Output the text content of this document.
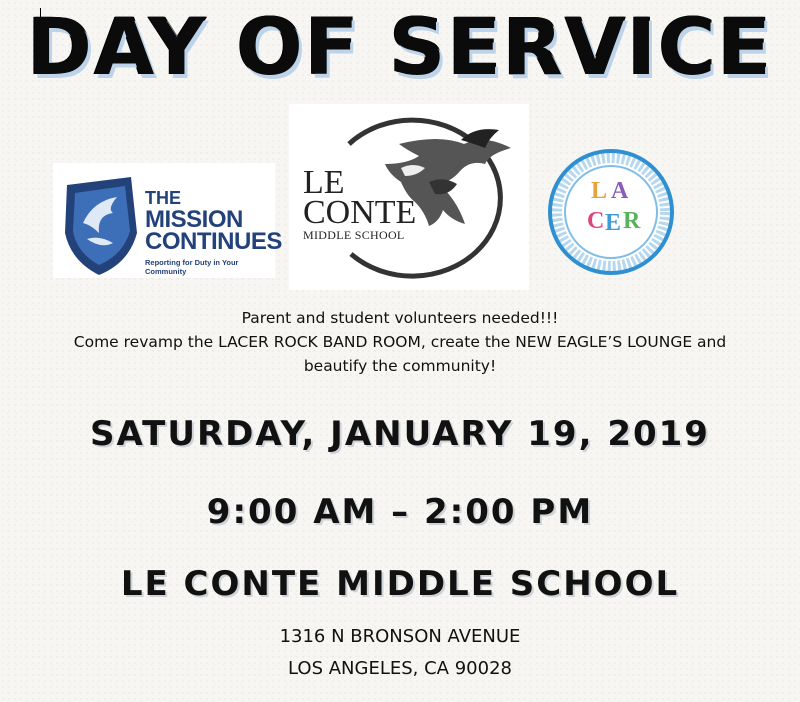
DAY OF SERVICE
THE
MISSION
CONTINUES
Reporting for Duty in Your Community
LE
CONTE
MIDDLE SCHOOL
L A
C E R
Parent and student volunteers needed!!!
Come revamp the LACER ROCK BAND ROOM, create the NEW EAGLE’S LOUNGE and
beautify the community!
SATURDAY, JANUARY 19, 2019
9:00 AM – 2:00 PM
LE CONTE MIDDLE SCHOOL
1316 N BRONSON AVENUE
LOS ANGELES, CA 90028
